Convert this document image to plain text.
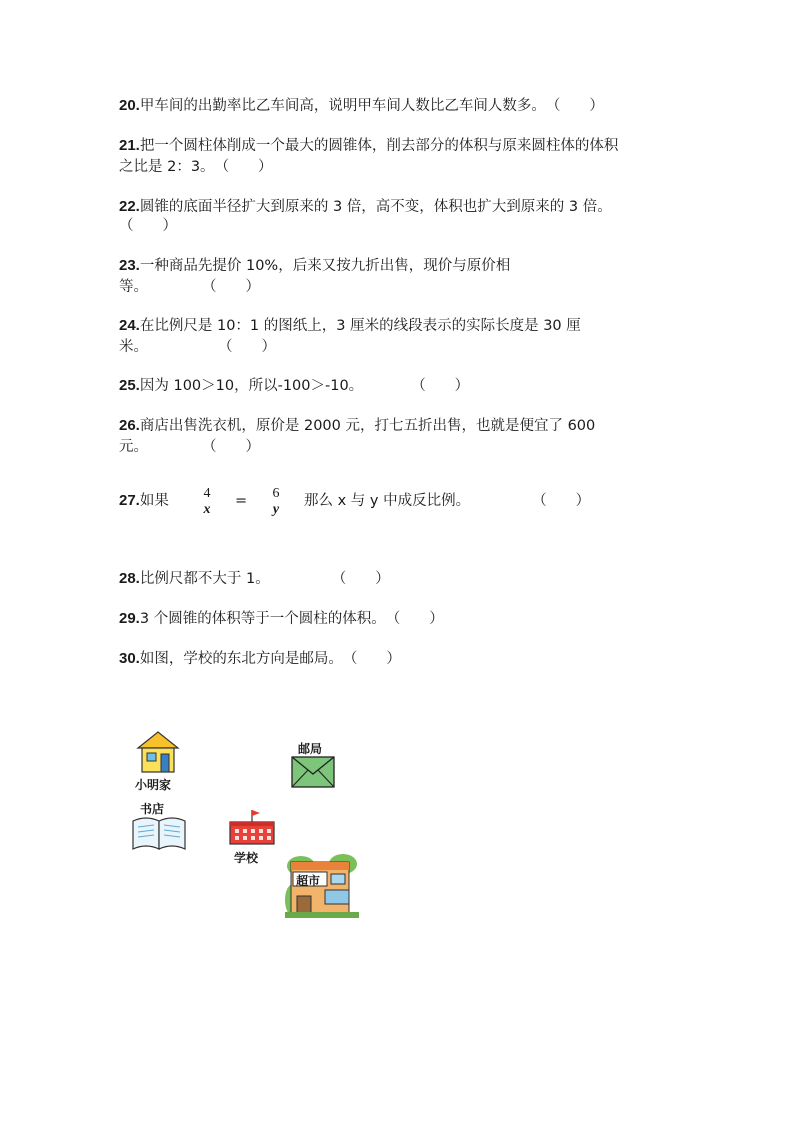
20.甲车间的出勤率比乙车间高，说明甲车间人数比乙车间人数多。（　　）
21.把一个圆柱体削成一个最大的圆锥体，削去部分的体积与原来圆柱体的体积
之比是 2：3。（　　）
22.圆锥的底面半径扩大到原来的 3 倍，高不变，体积也扩大到原来的 3 倍。
（　　）
23.一种商品先提价 10%，后来又按九折出售，现价与原价相
等。	（　　）
24.在比例尺是 10：1 的图纸上，3 厘米的线段表示的实际长度是 30 厘
米。	（　　）
25.因为 100＞10，所以-100＞-10。	（　　）
26.商店出售洗衣机，原价是 2000 元，打七五折出售，也就是便宜了 600
元。	（　　）
27.如果	4
x
=	6
y
那么 x 与 y 中成反比例。	（　　）
28.比例尺都不大于 1。	（　　）
29.3 个圆锥的体积等于一个圆柱的体积。（　　）
30.如图，学校的东北方向是邮局。（　　）
小明家
邮局
书店
学校
超市
